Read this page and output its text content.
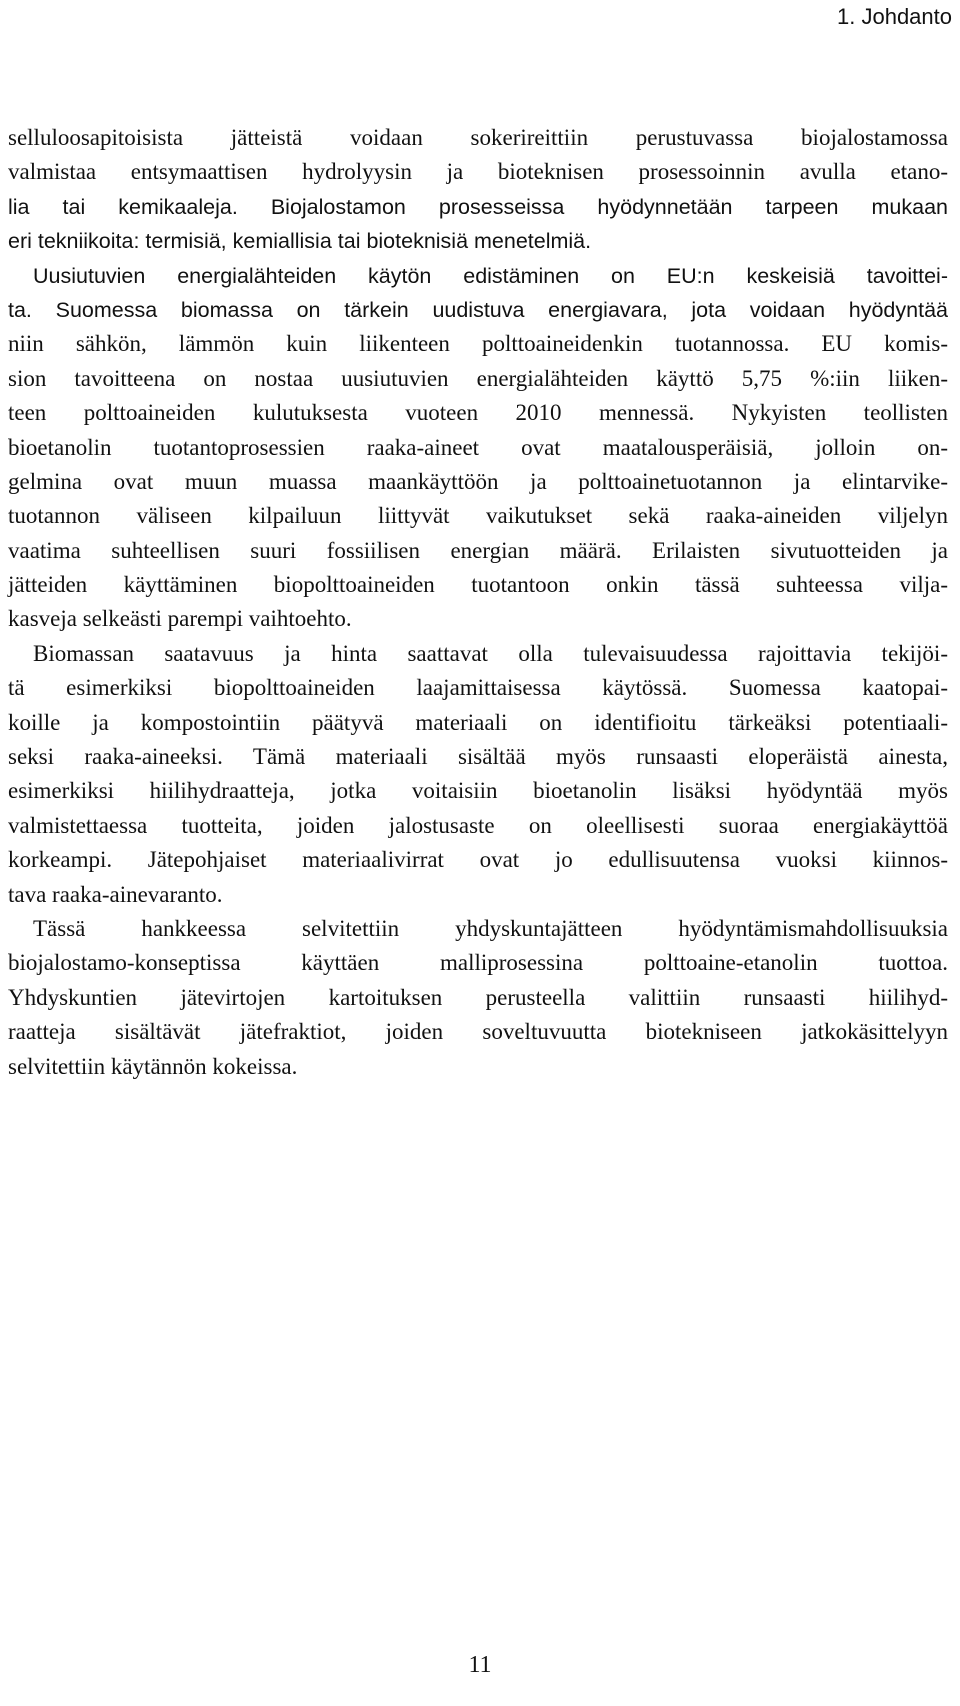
1. Johdanto
selluloosapitoisista jätteistä voidaan sokerireittiin perustuvassa biojalostamossa
valmistaa entsymaattisen hydrolyysin ja bioteknisen prosessoinnin avulla etano-
lia tai kemikaaleja. Biojalostamon prosesseissa hyödynnetään tarpeen mukaan
eri tekniikoita: termisiä, kemiallisia tai bioteknisiä menetelmiä.
Uusiutuvien energialähteiden käytön edistäminen on EU:n keskeisiä tavoittei-
ta. Suomessa biomassa on tärkein uudistuva energiavara, jota voidaan hyödyntää
niin sähkön, lämmön kuin liikenteen polttoaineidenkin tuotannossa. EU komis-
sion tavoitteena on nostaa uusiutuvien energialähteiden käyttö 5,75 %:iin liiken-
teen polttoaineiden kulutuksesta vuoteen 2010 mennessä. Nykyisten teollisten
bioetanolin tuotantoprosessien raaka-aineet ovat maatalousperäisiä, jolloin on-
gelmina ovat muun muassa maankäyttöön ja polttoainetuotannon ja elintarvike-
tuotannon väliseen kilpailuun liittyvät vaikutukset sekä raaka-aineiden viljelyn
vaatima suhteellisen suuri fossiilisen energian määrä. Erilaisten sivutuotteiden ja
jätteiden käyttäminen biopolttoaineiden tuotantoon onkin tässä suhteessa vilja-
kasveja selkeästi parempi vaihtoehto.
Biomassan saatavuus ja hinta saattavat olla tulevaisuudessa rajoittavia tekijöi-
tä esimerkiksi biopolttoaineiden laajamittaisessa käytössä. Suomessa kaatopai-
koille ja kompostointiin päätyvä materiaali on identifioitu tärkeäksi potentiaali-
seksi raaka-aineeksi. Tämä materiaali sisältää myös runsaasti eloperäistä ainesta,
esimerkiksi hiilihydraatteja, jotka voitaisiin bioetanolin lisäksi hyödyntää myös
valmistettaessa tuotteita, joiden jalostusaste on oleellisesti suoraa energiakäyttöä
korkeampi. Jätepohjaiset materiaalivirrat ovat jo edullisuutensa vuoksi kiinnos-
tava raaka-ainevaranto.
Tässä hankkeessa selvitettiin yhdyskuntajätteen hyödyntämismahdollisuuksia
biojalostamo-konseptissa käyttäen malliprosessina polttoaine-etanolin tuottoa.
Yhdyskuntien jätevirtojen kartoituksen perusteella valittiin runsaasti hiilihyd-
raatteja sisältävät jätefraktiot, joiden soveltuvuutta biotekniseen jatkokäsittelyyn
selvitettiin käytännön kokeissa.
11
